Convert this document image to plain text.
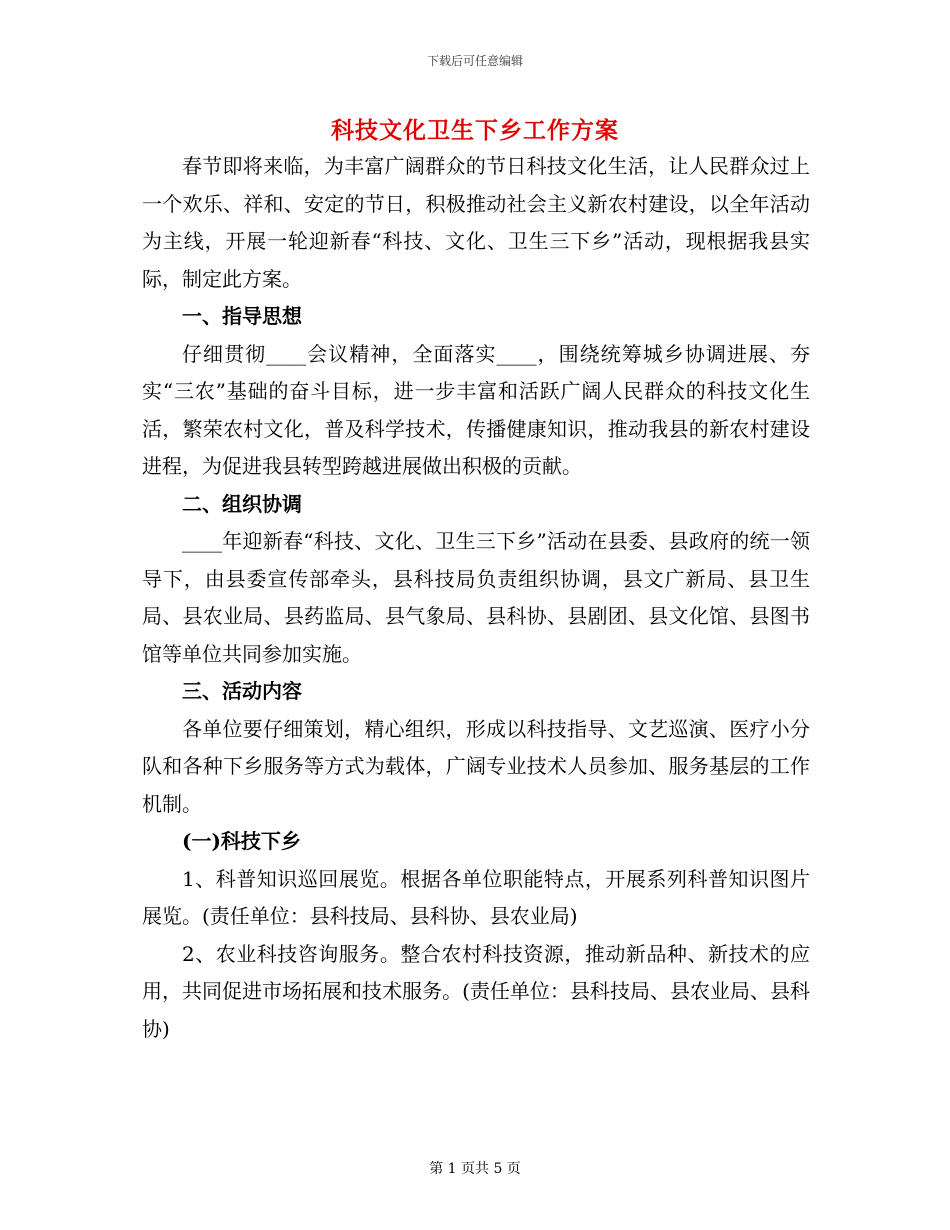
下载后可任意编辑
科技文化卫生下乡工作方案

春节即将来临，为丰富广阔群众的节日科技文化生活，让人民群众过上一个欢乐、祥和、安定的节日，积极推动社会主义新农村建设，以全年活动为主线，开展一轮迎新春“科技、文化、卫生三下乡”活动，现根据我县实际，制定此方案。

一、指导思想

仔细贯彻____会议精神，全面落实____，围绕统筹城乡协调进展、夯实“三农”基础的奋斗目标，进一步丰富和活跃广阔人民群众的科技文化生活，繁荣农村文化，普及科学技术，传播健康知识，推动我县的新农村建设进程，为促进我县转型跨越进展做出积极的贡献。

二、组织协调

____年迎新春“科技、文化、卫生三下乡”活动在县委、县政府的统一领导下，由县委宣传部牵头，县科技局负责组织协调，县文广新局、县卫生局、县农业局、县药监局、县气象局、县科协、县剧团、县文化馆、县图书馆等单位共同参加实施。

三、活动内容

各单位要仔细策划，精心组织，形成以科技指导、文艺巡演、医疗小分队和各种下乡服务等方式为载体，广阔专业技术人员参加、服务基层的工作机制。

(一)科技下乡

1、科普知识巡回展览。根据各单位职能特点，开展系列科普知识图片展览。(责任单位：县科技局、县科协、县农业局)

2、农业科技咨询服务。整合农村科技资源，推动新品种、新技术的应用，共同促进市场拓展和技术服务。(责任单位：县科技局、县农业局、县科协)

第 1 页共 5 页
